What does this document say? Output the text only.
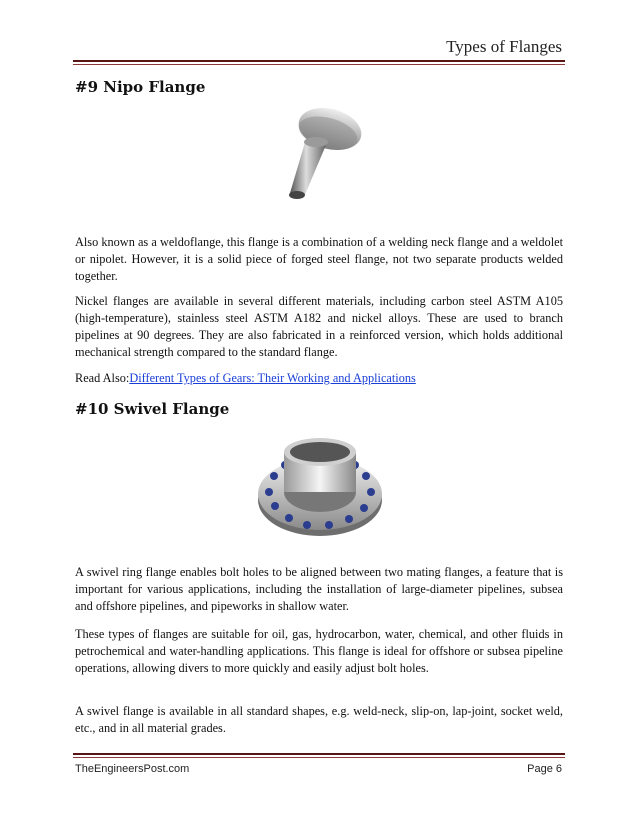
Types of Flanges
#9 Nipo Flange

Also known as a weldoflange, this flange is a combination of a welding neck flange and a weldolet or nipolet. However, it is a solid piece of forged steel flange, not two separate products welded together.

Nickel flanges are available in several different materials, including carbon steel ASTM A105 (high-temperature), stainless steel ASTM A182 and nickel alloys. These are used to branch pipelines at 90 degrees. They are also fabricated in a reinforced version, which holds additional mechanical strength compared to the standard flange.

Read Also:Different Types of Gears: Their Working and Applications

#10 Swivel Flange

A swivel ring flange enables bolt holes to be aligned between two mating flanges, a feature that is important for various applications, including the installation of large-diameter pipelines, subsea and offshore pipelines, and pipeworks in shallow water.

These types of flanges are suitable for oil, gas, hydrocarbon, water, chemical, and other fluids in petrochemical and water-handling applications. This flange is ideal for offshore or subsea pipeline operations, allowing divers to more quickly and easily adjust bolt holes.

A swivel flange is available in all standard shapes, e.g. weld-neck, slip-on, lap-joint, socket weld, etc., and in all material grades.

TheEngineersPost.com	Page 6
